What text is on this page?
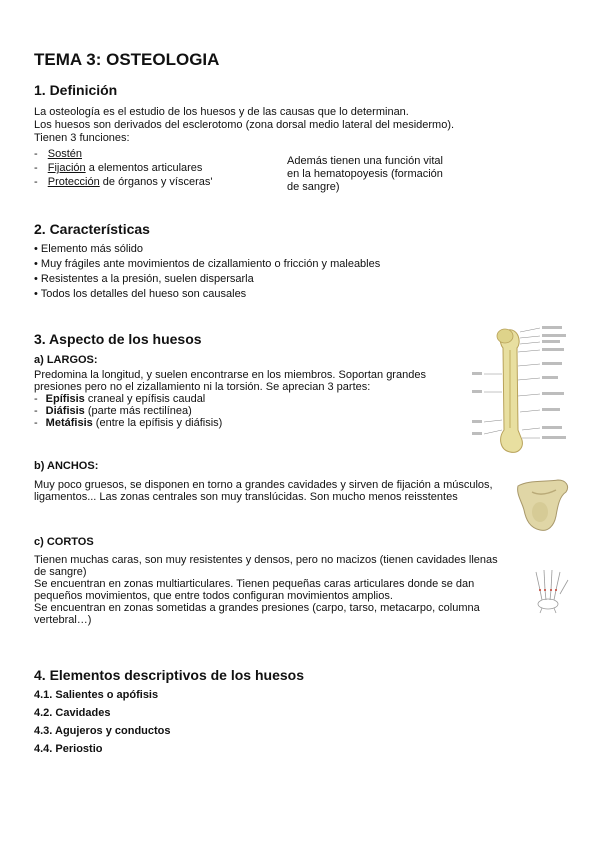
TEMA 3: OSTEOLOGIA
1. Definición
La osteología es el estudio de los huesos y de las causas que lo determinan.
Los huesos son derivados del esclerotomo (zona dorsal medio lateral del mesidermo).
Tienen 3 funciones:
- Sostén
- Fijación a elementos articulares
- Protección de órganos y vísceras'
Además tienen una función vital
en la hematopoyesis (formación
de sangre)
2. Características
• Elemento más sólido
• Muy frágiles ante movimientos de cizallamiento o fricción y maleables
• Resistentes a la presión, suelen dispersarla
• Todos los detalles del hueso son causales
3. Aspecto de los huesos
a) LARGOS:
Predomina la longitud, y suelen encontrarse en los miembros. Soportan grandes
presiones pero no el zizallamiento ni la torsión. Se aprecian 3 partes:
- Epífisis craneal y epífisis caudal
- Diáfisis (parte más rectilínea)
- Metáfisis (entre la epífisis y diáfisis)
b) ANCHOS:
Muy poco gruesos, se disponen en torno a grandes cavidades y sirven de fijación a músculos,
ligamentos... Las zonas centrales son muy translúcidas. Son mucho menos reisstentes
c) CORTOS
Tienen muchas caras, son muy resistentes y densos, pero no macizos (tienen cavidades llenas
de sangre)
Se encuentran en zonas multiarticulares. Tienen pequeñas caras articulares donde se dan
pequeños movimientos, que entre todos configuran movimientos amplios.
Se encuentran en zonas sometidas a grandes presiones (carpo, tarso, metacarpo, columna
vertebral…)
4. Elementos descriptivos de los huesos
4.1. Salientes o apófisis
4.2. Cavidades
4.3. Agujeros y conductos
4.4. Periostio
